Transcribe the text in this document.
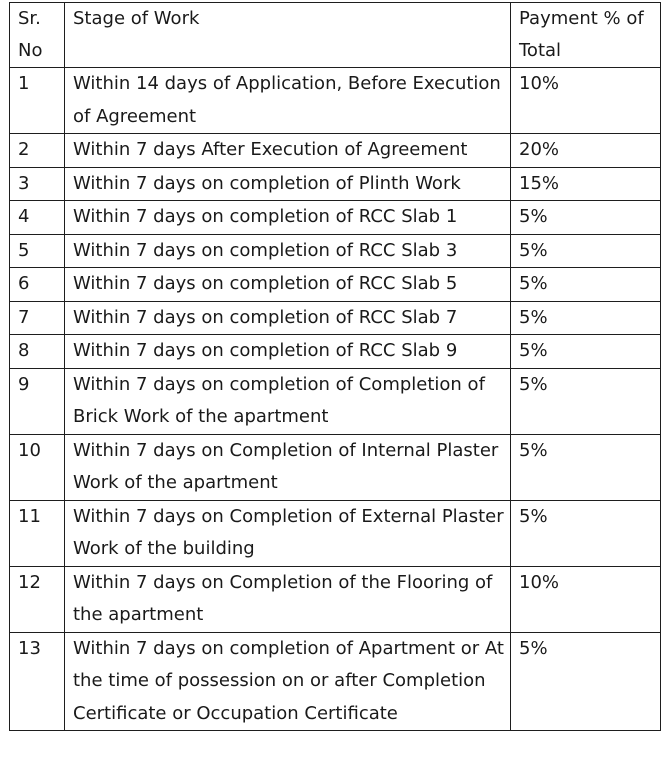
Sr. No	Stage of Work	Payment % of Total
1	Within 14 days of Application, Before Execution of Agreement	10%
2	Within 7 days After Execution of Agreement	20%
3	Within 7 days on completion of Plinth Work	15%
4	Within 7 days on completion of RCC Slab 1	5%
5	Within 7 days on completion of RCC Slab 3	5%
6	Within 7 days on completion of RCC Slab 5	5%
7	Within 7 days on completion of RCC Slab 7	5%
8	Within 7 days on completion of RCC Slab 9	5%
9	Within 7 days on completion of Completion of Brick Work of the apartment	5%
10	Within 7 days on Completion of Internal Plaster Work of the apartment	5%
11	Within 7 days on Completion of External Plaster Work of the building	5%
12	Within 7 days on Completion of the Flooring of the apartment	10%
13	Within 7 days on completion of Apartment or At the time of possession on or after Completion Certificate or Occupation Certificate	5%
